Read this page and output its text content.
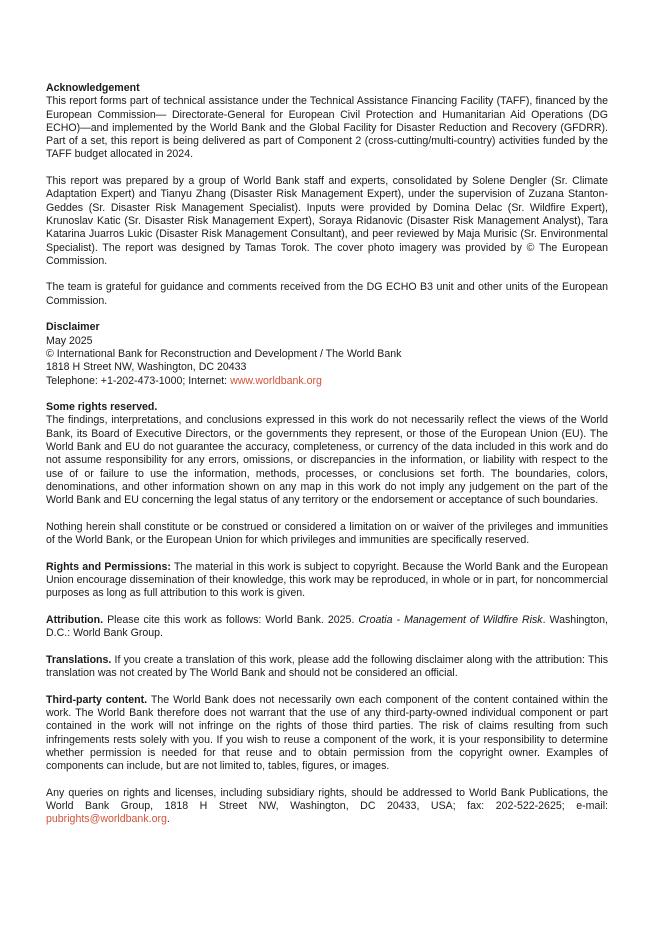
Acknowledgement

This report forms part of technical assistance under the Technical Assistance Financing Facility (TAFF), financed by the European Commission— Directorate-General for European Civil Protection and Humanitarian Aid Operations (DG ECHO)—and implemented by the World Bank and the Global Facility for Disaster Reduction and Recovery (GFDRR). Part of a set, this report is being delivered as part of Component 2 (cross-cutting/multi-country) activities funded by the TAFF budget allocated in 2024.

This report was prepared by a group of World Bank staff and experts, consolidated by Solene Dengler (Sr. Climate Adaptation Expert) and Tianyu Zhang (Disaster Risk Management Expert), under the supervision of Zuzana Stanton-Geddes (Sr. Disaster Risk Management Specialist). Inputs were provided by Domina Delac (Sr. Wildfire Expert), Krunoslav Katic (Sr. Disaster Risk Management Expert), Soraya Ridanovic (Disaster Risk Management Analyst), Tara Katarina Juarros Lukic (Disaster Risk Management Consultant), and peer reviewed by Maja Murisic (Sr. Environmental Specialist). The report was designed by Tamas Torok. The cover photo imagery was provided by © The European Commission.

The team is grateful for guidance and comments received from the DG ECHO B3 unit and other units of the European Commission.

Disclaimer
May 2025
© International Bank for Reconstruction and Development / The World Bank
1818 H Street NW, Washington, DC 20433
Telephone: +1-202-473-1000; Internet: www.worldbank.org
Some rights reserved.

The findings, interpretations, and conclusions expressed in this work do not necessarily reflect the views of the World Bank, its Board of Executive Directors, or the governments they represent, or those of the European Union (EU). The World Bank and EU do not guarantee the accuracy, completeness, or currency of the data included in this work and do not assume responsibility for any errors, omissions, or discrepancies in the information, or liability with respect to the use of or failure to use the information, methods, processes, or conclusions set forth. The boundaries, colors, denominations, and other information shown on any map in this work do not imply any judgement on the part of the World Bank and EU concerning the legal status of any territory or the endorsement or acceptance of such boundaries.

Nothing herein shall constitute or be construed or considered a limitation on or waiver of the privileges and immunities of the World Bank, or the European Union for which privileges and immunities are specifically reserved.

Rights and Permissions: The material in this work is subject to copyright. Because the World Bank and the European Union encourage dissemination of their knowledge, this work may be reproduced, in whole or in part, for noncommercial purposes as long as full attribution to this work is given.

Attribution. Please cite this work as follows: World Bank. 2025. Croatia - Management of Wildfire Risk. Washington, D.C.: World Bank Group.

Translations. If you create a translation of this work, please add the following disclaimer along with the attribution: This translation was not created by The World Bank and should not be considered an official.

Third-party content. The World Bank does not necessarily own each component of the content contained within the work. The World Bank therefore does not warrant that the use of any third-party-owned individual component or part contained in the work will not infringe on the rights of those third parties. The risk of claims resulting from such infringements rests solely with you. If you wish to reuse a component of the work, it is your responsibility to determine whether permission is needed for that reuse and to obtain permission from the copyright owner. Examples of components can include, but are not limited to, tables, figures, or images.

Any queries on rights and licenses, including subsidiary rights, should be addressed to World Bank Publications, the World Bank Group, 1818 H Street NW, Washington, DC 20433, USA; fax: 202-522-2625; e-mail: pubrights@worldbank.org.
